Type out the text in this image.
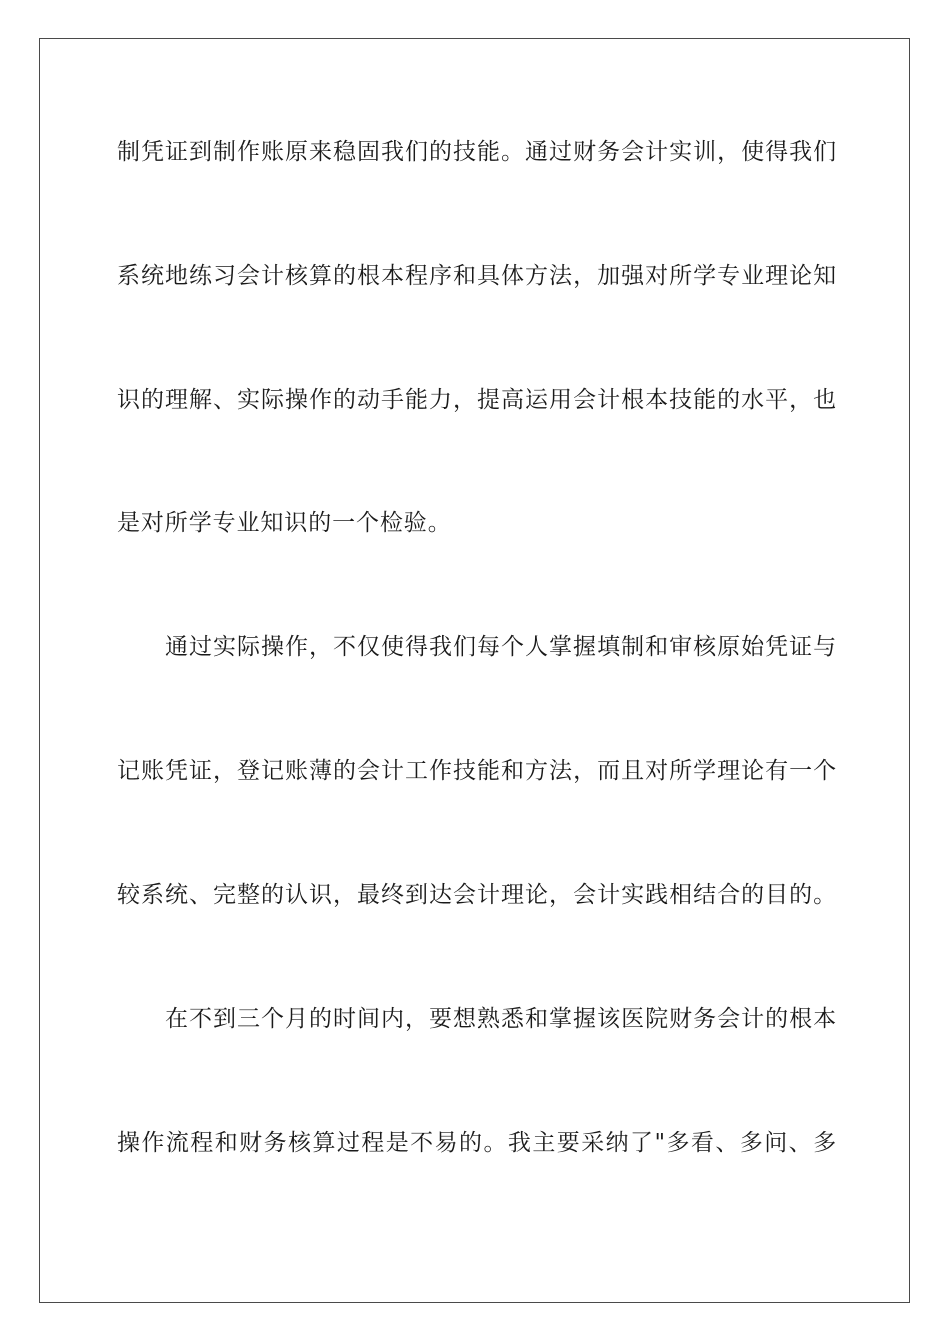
制凭证到制作账原来稳固我们的技能。通过财务会计实训，使得我们
系统地练习会计核算的根本程序和具体方法，加强对所学专业理论知
识的理解、实际操作的动手能力，提高运用会计根本技能的水平，也
是对所学专业知识的一个检验。
通过实际操作，不仅使得我们每个人掌握填制和审核原始凭证与
记账凭证，登记账薄的会计工作技能和方法，而且对所学理论有一个
较系统、完整的认识，最终到达会计理论，会计实践相结合的目的。
在不到三个月的时间内，要想熟悉和掌握该医院财务会计的根本
操作流程和财务核算过程是不易的。我主要采纳了"多看、多问、多
